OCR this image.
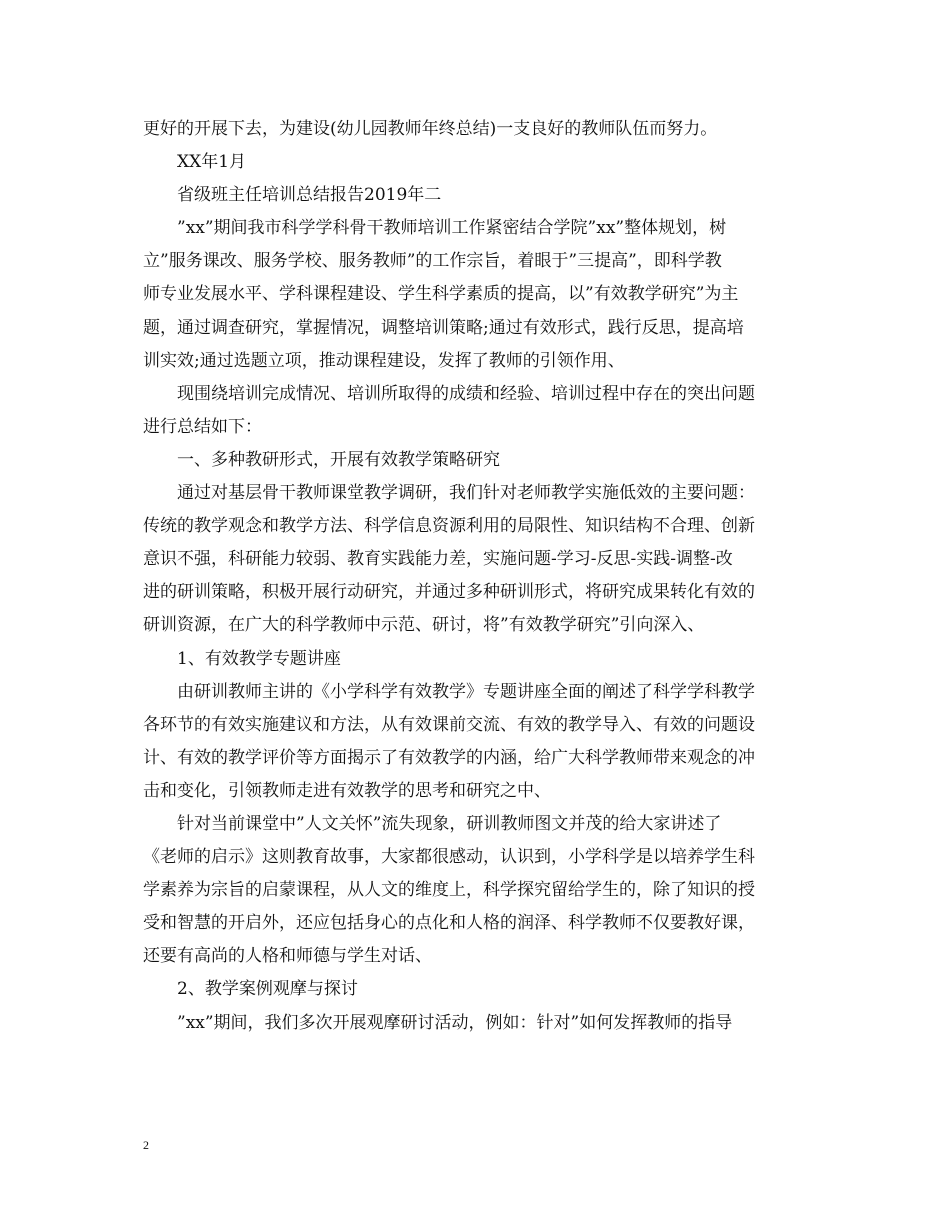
更好的开展下去，为建设(幼儿园教师年终总结)一支良好的教师队伍而努力。
XX年1月
省级班主任培训总结报告2019年二
”xx”期间我市科学学科骨干教师培训工作紧密结合学院”xx”整体规划，树
立”服务课改、服务学校、服务教师”的工作宗旨，着眼于”三提高”，即科学教
师专业发展水平、学科课程建设、学生科学素质的提高，以”有效教学研究”为主
题，通过调查研究，掌握情况，调整培训策略;通过有效形式，践行反思，提高培
训实效;通过选题立项，推动课程建设，发挥了教师的引领作用、
现围绕培训完成情况、培训所取得的成绩和经验、培训过程中存在的突出问题
进行总结如下：
一、多种教研形式，开展有效教学策略研究
通过对基层骨干教师课堂教学调研，我们针对老师教学实施低效的主要问题：
传统的教学观念和教学方法、科学信息资源利用的局限性、知识结构不合理、创新
意识不强，科研能力较弱、教育实践能力差，实施问题-学习-反思-实践-调整-改
进的研训策略，积极开展行动研究，并通过多种研训形式，将研究成果转化有效的
研训资源，在广大的科学教师中示范、研讨，将”有效教学研究”引向深入、
1、有效教学专题讲座
由研训教师主讲的《小学科学有效教学》专题讲座全面的阐述了科学学科教学
各环节的有效实施建议和方法，从有效课前交流、有效的教学导入、有效的问题设
计、有效的教学评价等方面揭示了有效教学的内涵，给广大科学教师带来观念的冲
击和变化，引领教师走进有效教学的思考和研究之中、
针对当前课堂中”人文关怀”流失现象，研训教师图文并茂的给大家讲述了
《老师的启示》这则教育故事，大家都很感动，认识到，小学科学是以培养学生科
学素养为宗旨的启蒙课程，从人文的维度上，科学探究留给学生的，除了知识的授
受和智慧的开启外，还应包括身心的点化和人格的润泽、科学教师不仅要教好课，
还要有高尚的人格和师德与学生对话、
2、教学案例观摩与探讨
”xx”期间，我们多次开展观摩研讨活动，例如：针对”如何发挥教师的指导
2
